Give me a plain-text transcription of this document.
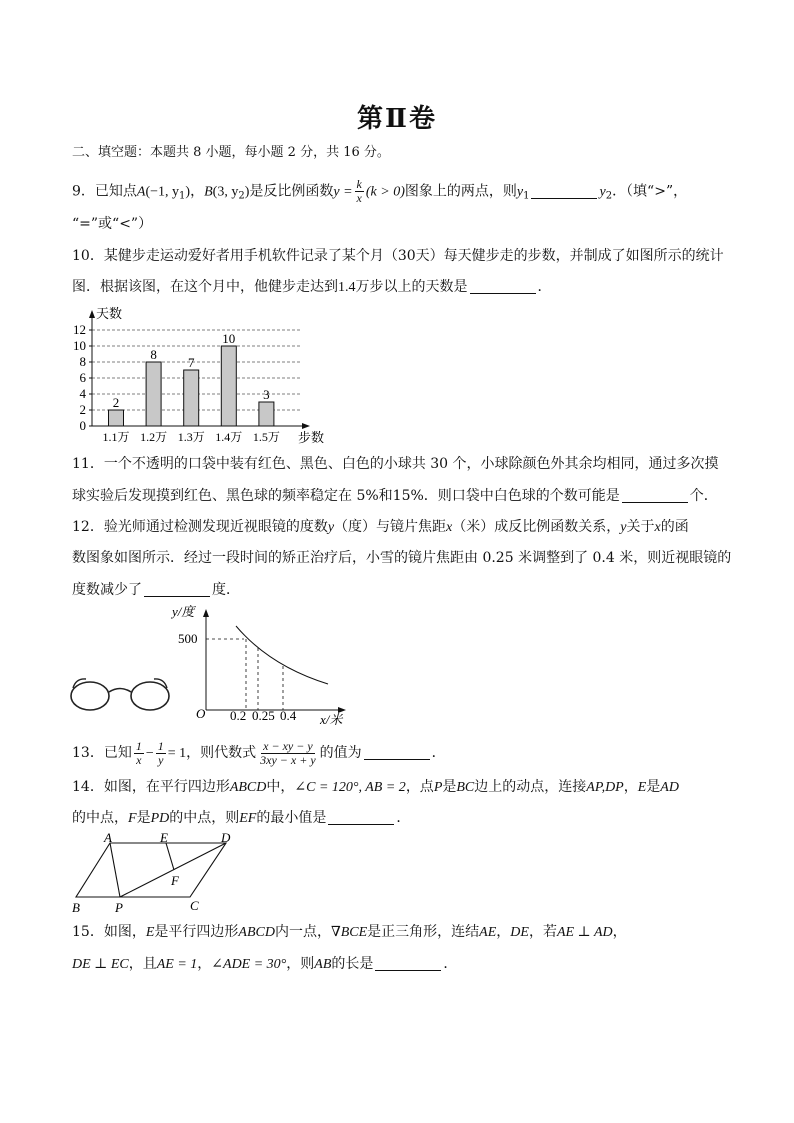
第Ⅱ卷
二、填空题：本题共 8 小题，每小题 2 分，共 16 分。
9．已知点A(−1, $y_1$)，B(3, $y_2$)是反比例函数$y = \frac{k}{x} (k > 0)$图象上的两点，则$y_1$	$y_2$．（填“>”，
“=”或“<”）
10．某健步走运动爱好者用手机软件记录了某个月（30天）每天健步走的步数，并制成了如图所示的统计
图．根据该图，在这个月中，他健步走达到1.4万步以上的天数是	．
0
2
4
6
8
10
12
天数
步数
2
1.1万
8
1.2万
7
1.3万
10
1.4万
3
1.5万
11．一个不透明的口袋中装有红色、黑色、白色的小球共 30 个，小球除颜色外其余均相同，通过多次摸
球实验后发现摸到红色、黑色球的频率稳定在 5%和15%．则口袋中白色球的个数可能是	个．
12．验光师通过检测发现近视眼镜的度数y（度）与镜片焦距x（米）成反比例函数关系，y关于x的函
数图象如图所示．经过一段时间的矫正治疗后，小雪的镜片焦距由 0.25 米调整到了 0.4 米，则近视眼镜的
度数减少了	度．
y/度
500
O 0.2 0.25 0.4 x/米
13．已知 $\frac{1}{x} - \frac{1}{y} = 1$，则代数式 $\frac{x - xy - y}{3xy - x + y}$ 的值为	．
14．如图，在平行四边形ABCD中，∠C = 120°, AB = 2，点P是BC边上的动点，连接AP,DP，E是AD
的中点，F是PD的中点，则EF的最小值是	．
A	E	D
F
B	P	C
15．如图，E是平行四边形ABCD内一点，∇BCE是正三角形，连结AE，DE，若AE ⊥ AD，
DE ⊥ EC，且AE = 1，∠ADE = 30°，则AB的长是	．
